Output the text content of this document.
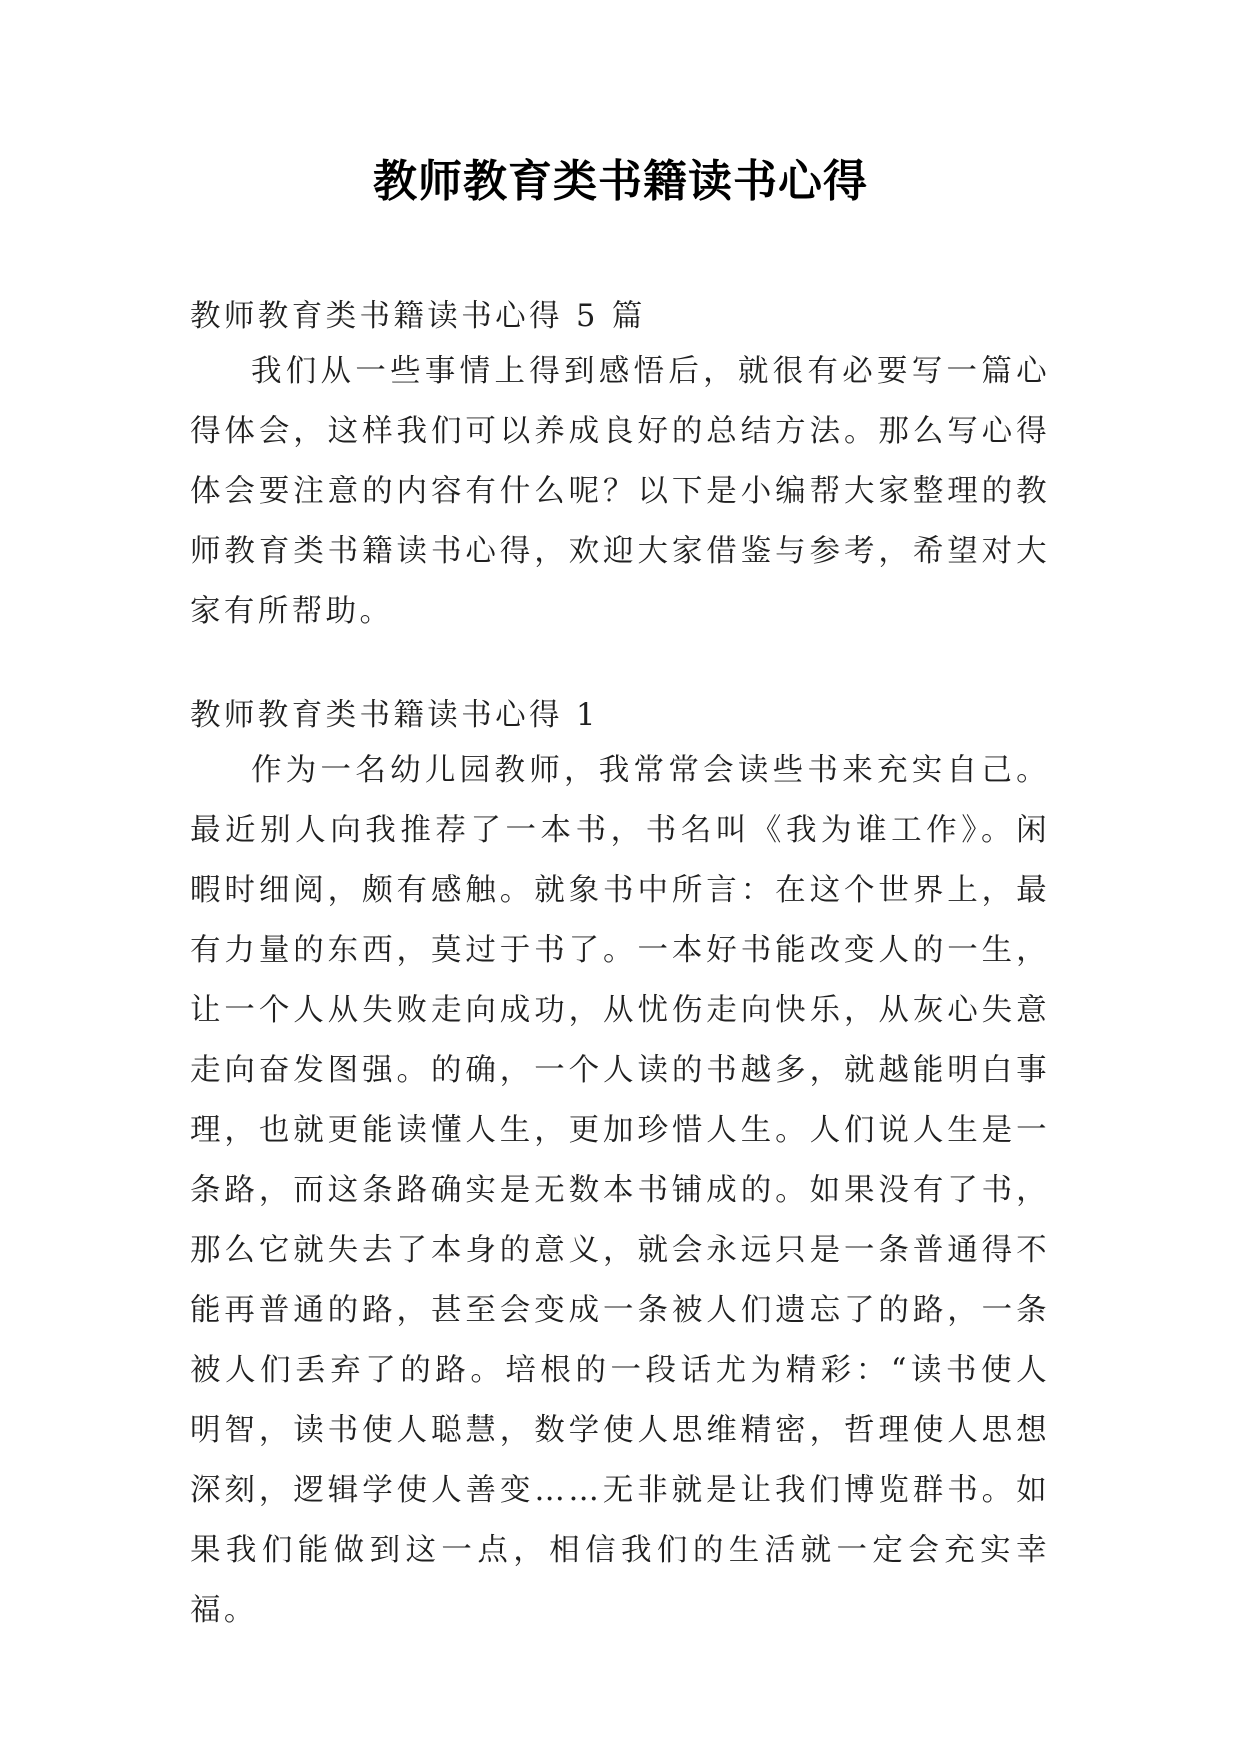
教师教育类书籍读书心得

教师教育类书籍读书心得 5 篇

我们从一些事情上得到感悟后，就很有必要写一篇心得体会，这样我们可以养成良好的总结方法。那么写心得体会要注意的内容有什么呢？以下是小编帮大家整理的教师教育类书籍读书心得，欢迎大家借鉴与参考，希望对大家有所帮助。

教师教育类书籍读书心得 1

作为一名幼儿园教师，我常常会读些书来充实自己。最近别人向我推荐了一本书，书名叫《我为谁工作》。闲暇时细阅，颇有感触。就象书中所言：在这个世界上，最有力量的东西，莫过于书了。一本好书能改变人的一生，让一个人从失败走向成功，从忧伤走向快乐，从灰心失意走向奋发图强。的确，一个人读的书越多，就越能明白事理，也就更能读懂人生，更加珍惜人生。人们说人生是一条路，而这条路确实是无数本书铺成的。如果没有了书，那么它就失去了本身的意义，就会永远只是一条普通得不能再普通的路，甚至会变成一条被人们遗忘了的路，一条被人们丢弃了的路。培根的一段话尤为精彩：“读书使人明智，读书使人聪慧，数学使人思维精密，哲理使人思想深刻，逻辑学使人善变……无非就是让我们博览群书。如果我们能做到这一点，相信我们的生活就一定会充实幸福。
